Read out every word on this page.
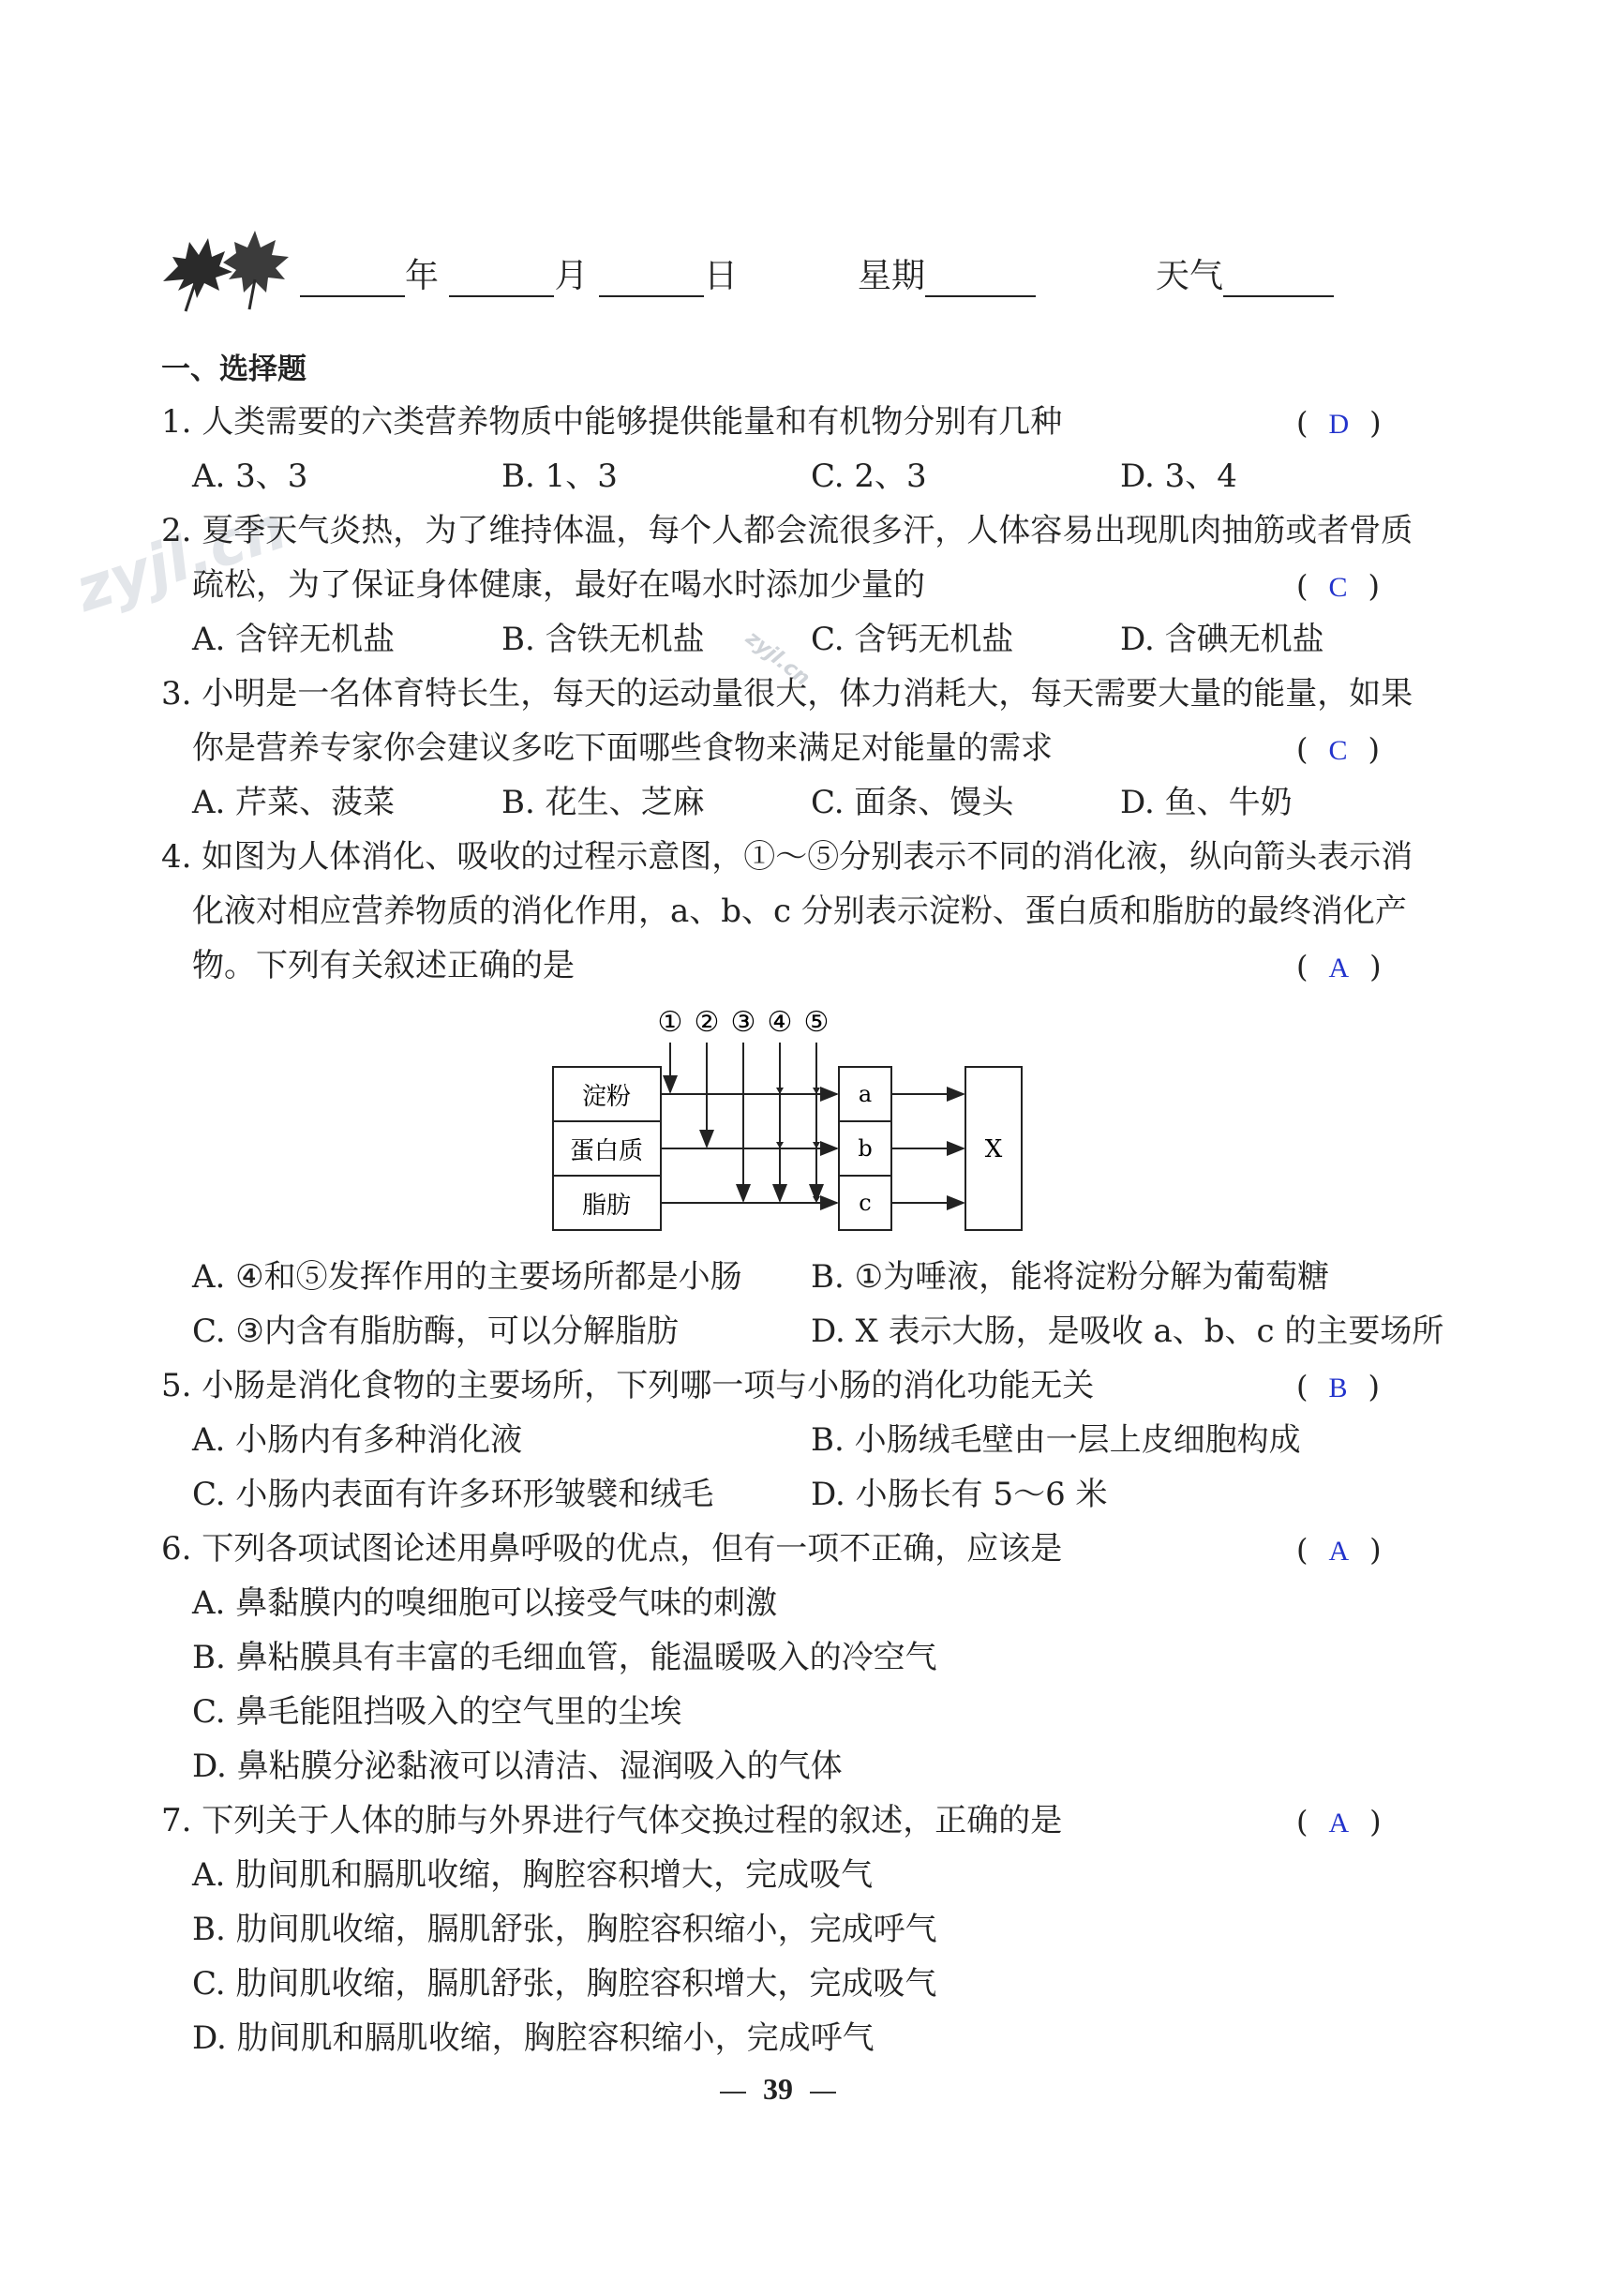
年	月	日	星期	天气
zyjl.cn
zyjl.cn
一、选择题
1. 人类需要的六类营养物质中能够提供能量和有机物分别有几种	( D )
A. 3、3	B. 1、3	C. 2、3	D. 3、4
2. 夏季天气炎热，为了维持体温，每个人都会流很多汗，人体容易出现肌肉抽筋或者骨质
疏松，为了保证身体健康，最好在喝水时添加少量的	( C )
A. 含锌无机盐	B. 含铁无机盐	C. 含钙无机盐	D. 含碘无机盐
3. 小明是一名体育特长生，每天的运动量很大，体力消耗大，每天需要大量的能量，如果
你是营养专家你会建议多吃下面哪些食物来满足对能量的需求	( C )
A. 芹菜、菠菜	B. 花生、芝麻	C. 面条、馒头	D. 鱼、牛奶
4. 如图为人体消化、吸收的过程示意图，①～⑤分别表示不同的消化液，纵向箭头表示消
化液对相应营养物质的消化作用，a、b、c 分别表示淀粉、蛋白质和脂肪的最终消化产
物。下列有关叙述正确的是	( A )
① ② ③ ④ ⑤
淀粉
蛋白质
脂肪
a
b
c
X
A. ④和⑤发挥作用的主要场所都是小肠 B. ①为唾液，能将淀粉分解为葡萄糖
C. ③内含有脂肪酶，可以分解脂肪	D. X 表示大肠，是吸收 a、b、c 的主要场所
5. 小肠是消化食物的主要场所，下列哪一项与小肠的消化功能无关	( B )
A. 小肠内有多种消化液	B. 小肠绒毛壁由一层上皮细胞构成
C. 小肠内表面有许多环形皱襞和绒毛	D. 小肠长有 5～6 米
6. 下列各项试图论述用鼻呼吸的优点，但有一项不正确，应该是	( A )
A. 鼻黏膜内的嗅细胞可以接受气味的刺激
B. 鼻粘膜具有丰富的毛细血管，能温暖吸入的冷空气
C. 鼻毛能阻挡吸入的空气里的尘埃
D. 鼻粘膜分泌黏液可以清洁、湿润吸入的气体
7. 下列关于人体的肺与外界进行气体交换过程的叙述，正确的是	( A )
A. 肋间肌和膈肌收缩，胸腔容积增大，完成吸气
B. 肋间肌收缩，膈肌舒张，胸腔容积缩小，完成呼气
C. 肋间肌收缩，膈肌舒张，胸腔容积增大，完成吸气
D. 肋间肌和膈肌收缩，胸腔容积缩小，完成呼气
39
